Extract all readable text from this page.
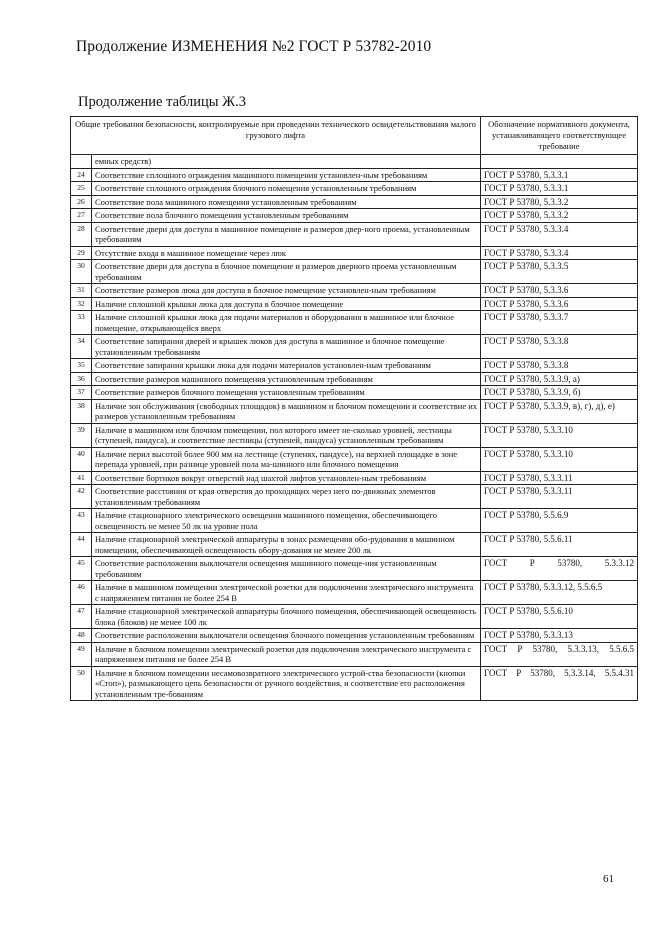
Продолжение ИЗМЕНЕНИЯ №2 ГОСТ Р 53782-2010
Продолжение таблицы Ж.3
Общие требования безопасности, контролируемые при проведении технического освидетельствования малого грузового лифта		Обозначение нормативного документа, устанавливающего соответствующее требование
	емных средств)	
24	Соответствие сплошного ограждения машинного помещения установлен-ным требованиям	ГОСТ Р 53780, 5.3.3.1
25	Соответствие сплошного ограждения блочного помещения установленным требованиям	ГОСТ Р 53780, 5.3.3.1
26	Соответствие пола машинного помещения установленным требованиям	ГОСТ Р 53780, 5.3.3.2
27	Соответствие пола блочного помещения установленным требованиям	ГОСТ Р 53780, 5.3.3.2
28	Соответствие двери для доступа в машинное помещение и размеров двер-ного проема, установленным требованиям	ГОСТ Р 53780, 5.3.3.4
29	Отсутствие входа в машинное помещение через люк	ГОСТ Р 53780, 5.3.3.4
30	Соответствие двери для доступа в блочное помещение и размеров дверного проема установленным требованиям	ГОСТ Р 53780, 5.3.3.5
31	Соответствие размеров люка для доступа в блочное помещение установлен-ным требованиям	ГОСТ Р 53780, 5.3.3.6
32	Наличие сплошной крышки люка для доступа в блочное помещение	ГОСТ Р 53780, 5.3.3.6
33	Наличие сплошной крышки люка для подачи материалов и оборудования в машинное или блочное помещение, открывающейся вверх	ГОСТ Р 53780, 5.3.3.7
34	Соответствие запирания дверей и крышек люков для доступа в машинное и блочное помещение установленным требованиям	ГОСТ Р 53780, 5.3.3.8
35	Соответствие запирания крышки люка для подачи материалов установлен-ным требованиям	ГОСТ Р 53780, 5.3.3.8
36	Соответствие размеров машинного помещения установленным требованиям	ГОСТ Р 53780, 5.3.3.9, а)
37	Соответствие размеров блочного помещения установленным требованиям	ГОСТ Р 53780, 5.3.3.9, б)
38	Наличие зон обслуживания (свободных площадок) в машинном и блочном помещении и соответствие их размеров установленным требованиям	ГОСТ Р 53780, 5.3.3.9, в), г), д), е)
39	Наличие в машинном или блочном помещении, пол которого имеет не-сколько уровней, лестницы (ступеней, пандуса), и соответствие лестницы (ступеней, пандуса) установленным требованиям	ГОСТ Р 53780, 5.3.3.10
40	Наличие перил высотой более 900 мм на лестнице (ступенях, пандусе), на верхней площадке в зоне перепада уровней, при разнице уровней пола ма-шинного или блочного помещения	ГОСТ Р 53780, 5.3.3.10
41	Соответствие бортиков вокруг отверстий над шахтой лифтов установлен-ным требованиям	ГОСТ Р 53780, 5.3.3.11
42	Соответствие расстояния от края отверстия до проходящих через него по-движных элементов установленным требованиям	ГОСТ Р 53780, 5.3.3.11
43	Наличие стационарного электрического освещения машинного помещения, обеспечивающего освещенность не менее 50 лк на уровне пола	ГОСТ Р 53780, 5.5.6.9
44	Наличие стационарной электрической аппаратуры в зонах размещения обо-рудования в машинном помещении, обеспечивающей освещенность обору-дования не менее 200 лк	ГОСТ Р 53780, 5.5.6.11
45	Соответствие расположения выключателя освещения машинного помеще-ния установленным требованиям	ГОСТ Р 53780, 5.3.3.12
46	Наличие в машинном помещении электрической розетки для подключения электрического инструмента с напряжением питания не более 254 В	ГОСТ Р 53780, 5.3.3.12, 5.5.6.5
47	Наличие стационарной электрической аппаратуры блочного помещения, обеспечивающей освещенность блока (блоков) не менее 100 лк	ГОСТ Р 53780, 5.5.6.10
48	Соответствие расположения выключателя освещения блочного помещения установленным требованиям	ГОСТ Р 53780, 5.3.3.13
49	Наличие в блочном помещении электрической розетки для подключения электрического инструмента с напряжением питания не более 254 В	ГОСТ Р 53780, 5.3.3.13, 5.5.6.5
50	Наличие в блочном помещении несамовозвратного электрического устрой-ства безопасности (кнопки «Стоп»), размыкающего цепь безопасности от ручного воздействия, и соответствие его расположения установленным тре-бованиям	ГОСТ Р 53780, 5.3.3.14, 5.5.4.31
61
